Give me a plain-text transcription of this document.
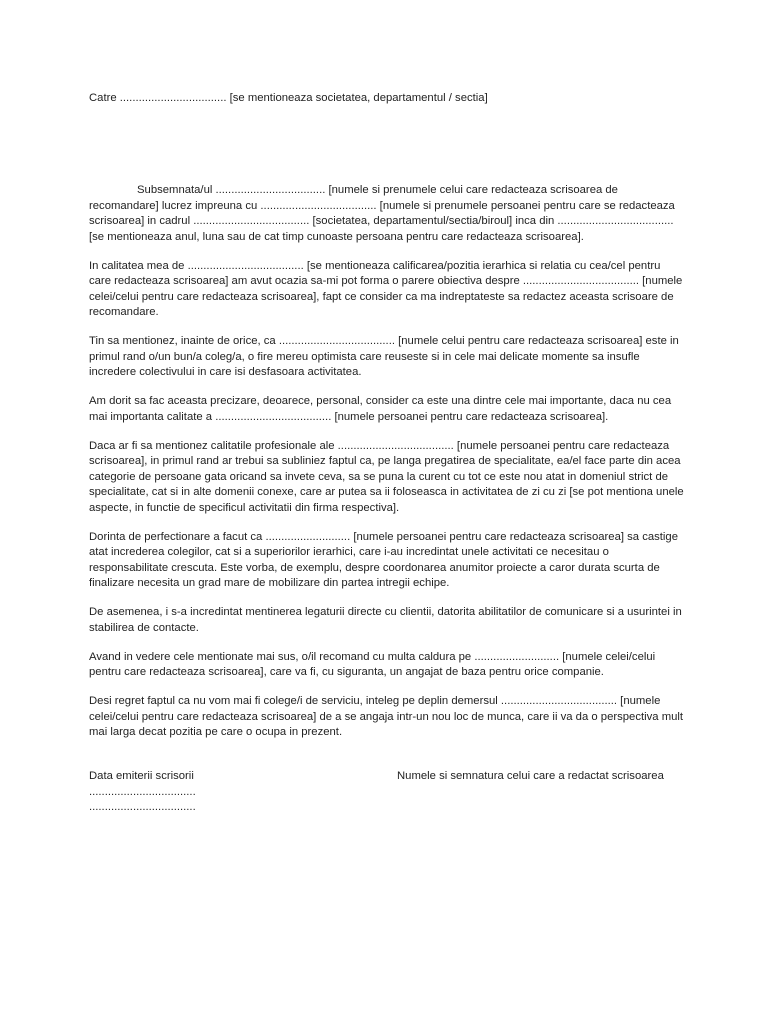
Catre .................................. [se mentioneaza societatea, departamentul / sectia]

Subsemnata/ul ................................... [numele si prenumele celui care redacteaza scrisoarea de recomandare] lucrez impreuna cu ..................................... [numele si prenumele persoanei pentru care se redacteaza scrisoarea] in cadrul ..................................... [societatea, departamentul/sectia/biroul] inca din ..................................... [se mentioneaza anul, luna sau de cat timp cunoaste persoana pentru care redacteaza scrisoarea].

In calitatea mea de ..................................... [se mentioneaza calificarea/pozitia ierarhica si relatia cu cea/cel pentru care redacteaza scrisoarea] am avut ocazia sa-mi pot forma o parere obiectiva despre ..................................... [numele celei/celui pentru care redacteaza scrisoarea], fapt ce consider ca ma indreptateste sa redactez aceasta scrisoare de recomandare.

Tin sa mentionez, inainte de orice, ca ..................................... [numele celui pentru care redacteaza scrisoarea] este in primul rand o/un bun/a coleg/a, o fire mereu optimista care reuseste si in cele mai delicate momente sa insufle incredere colectivului in care isi desfasoara activitatea.

Am dorit sa fac aceasta precizare, deoarece, personal, consider ca este una dintre cele mai importante, daca nu cea mai importanta calitate a ..................................... [numele persoanei pentru care redacteaza scrisoarea].

Daca ar fi sa mentionez calitatile profesionale ale ..................................... [numele persoanei pentru care redacteaza scrisoarea], in primul rand ar trebui sa subliniez faptul ca, pe langa pregatirea de specialitate, ea/el face parte din acea categorie de persoane gata oricand sa invete ceva, sa se puna la curent cu tot ce este nou atat in domeniul strict de specialitate, cat si in alte domenii conexe, care ar putea sa ii foloseasca in activitatea de zi cu zi [se pot mentiona unele aspecte, in functie de specificul activitatii din firma respectiva].

Dorinta de perfectionare a facut ca ........................... [numele persoanei pentru care redacteaza scrisoarea] sa castige atat increderea colegilor, cat si a superiorilor ierarhici, care i-au incredintat unele activitati ce necesitau o responsabilitate crescuta. Este vorba, de exemplu, despre coordonarea anumitor proiecte a caror durata scurta de finalizare necesita un grad mare de mobilizare din partea intregii echipe.

De asemenea, i s-a incredintat mentinerea legaturii directe cu clientii, datorita abilitatilor de comunicare si a usurintei in stabilirea de contacte.

Avand in vedere cele mentionate mai sus, o/il recomand cu multa caldura pe ........................... [numele celei/celui pentru care redacteaza scrisoarea], care va fi, cu siguranta, un angajat de baza pentru orice companie.

Desi regret faptul ca nu vom mai fi colege/i de serviciu, inteleg pe deplin demersul ..................................... [numele celei/celui pentru care redacteaza scrisoarea] de a se angaja intr-un nou loc de munca, care ii va da o perspectiva mult mai larga decat pozitia pe care o ocupa in prezent.

Data emiterii scrisorii	Numele si semnatura celui care a redactat scrisoarea
..................................
..................................
